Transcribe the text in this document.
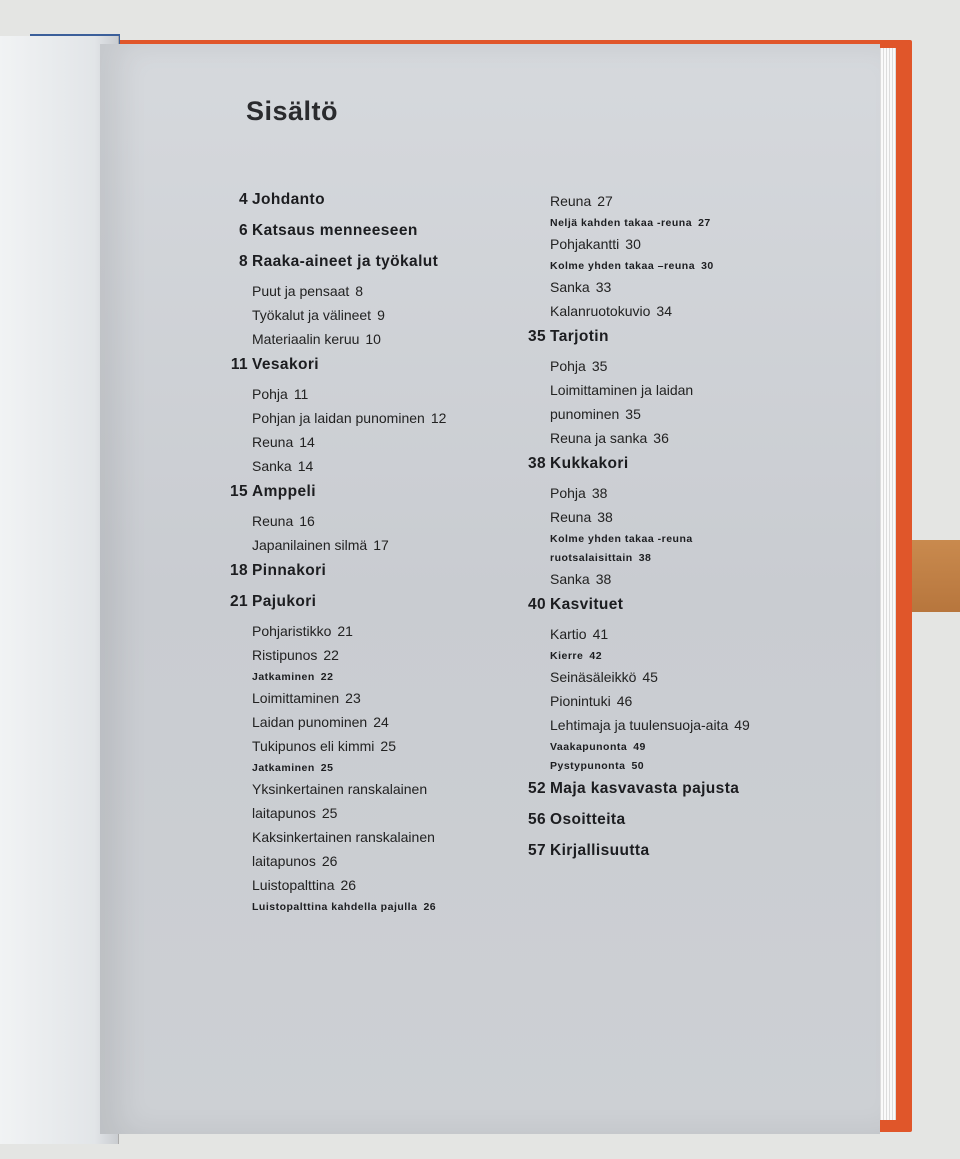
Sisältö
4 Johdanto
6 Katsaus menneeseen
8 Raaka-aineet ja työkalut
Puut ja pensaat 8
Työkalut ja välineet 9
Materiaalin keruu 10
11 Vesakori
Pohja 11
Pohjan ja laidan punominen 12
Reuna 14
Sanka 14
15 Amppeli
Reuna 16
Japanilainen silmä 17
18 Pinnakori
21 Pajukori
Pohjaristikko 21
Ristipunos 22
Jatkaminen 22
Loimittaminen 23
Laidan punominen 24
Tukipunos eli kimmi 25
Jatkaminen 25
Yksinkertainen ranskalainen
laitapunos 25
Kaksinkertainen ranskalainen
laitapunos 26
Luistopalttina 26
Luistopalttina kahdella pajulla 26
Reuna 27
Neljä kahden takaa -reuna 27
Pohjakantti 30
Kolme yhden takaa –reuna 30
Sanka 33
Kalanruotokuvio 34
35 Tarjotin
Pohja 35
Loimittaminen ja laidan
punominen 35
Reuna ja sanka 36
38 Kukkakori
Pohja 38
Reuna 38
Kolme yhden takaa -reuna
ruotsalaisittain 38
Sanka 38
40 Kasvituet
Kartio 41
Kierre 42
Seinäsäleikkö 45
Pionintuki 46
Lehtimaja ja tuulensuoja-aita 49
Vaakapunonta 49
Pystypunonta 50
52 Maja kasvavasta pajusta
56 Osoitteita
57 Kirjallisuutta
